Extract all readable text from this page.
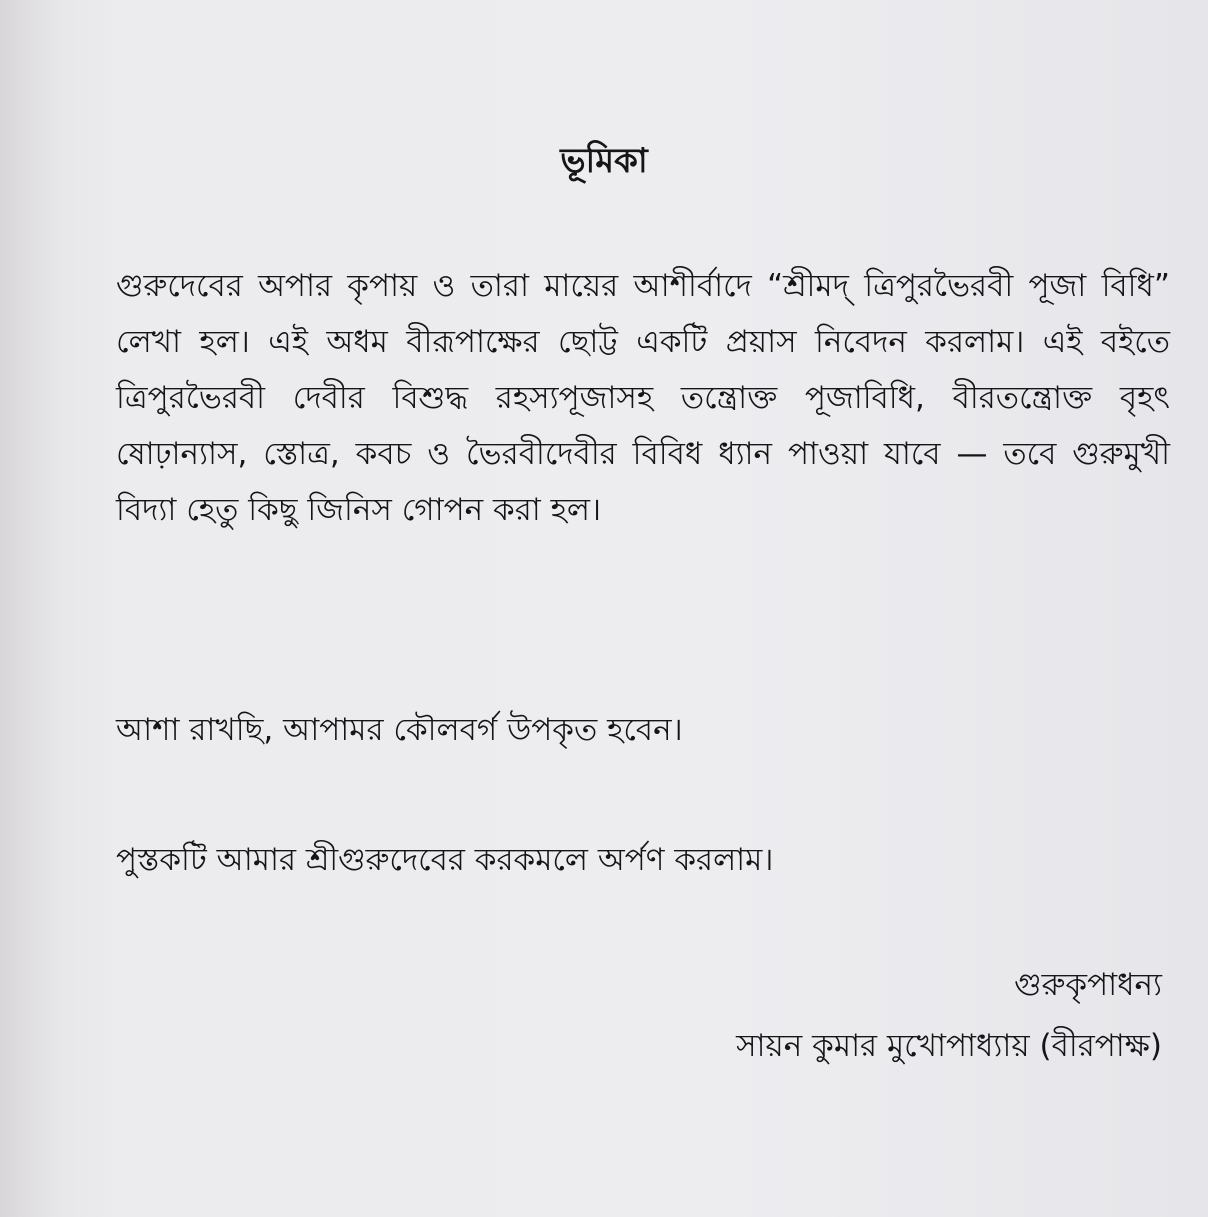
ভূমিকা

গুরুদেবের অপার কৃপায় ও তারা মায়ের আশীর্বাদে “শ্রীমদ্ ত্রিপুরভৈরবী পূজা বিধি” লেখা হল। এই অধম বীরূপাক্ষের ছোট্ট একটি প্রয়াস নিবেদন করলাম। এই বইতে ত্রিপুরভৈরবী দেবীর বিশুদ্ধ রহস্যপূজাসহ তন্ত্রোক্ত পূজাবিধি, বীরতন্ত্রোক্ত বৃহৎ ষোঢ়ান্যাস, স্তোত্র, কবচ ও ভৈরবীদেবীর বিবিধ ধ্যান পাওয়া যাবে — তবে গুরুমুখী বিদ্যা হেতু কিছু জিনিস গোপন করা হল।

আশা রাখছি, আপামর কৌলবর্গ উপকৃত হবেন।

পুস্তকটি আমার শ্রীগুরুদেবের করকমলে অর্পণ করলাম।

গুরুকৃপাধন্য

সায়ন কুমার মুখোপাধ্যায় (বীরপাক্ষ)
